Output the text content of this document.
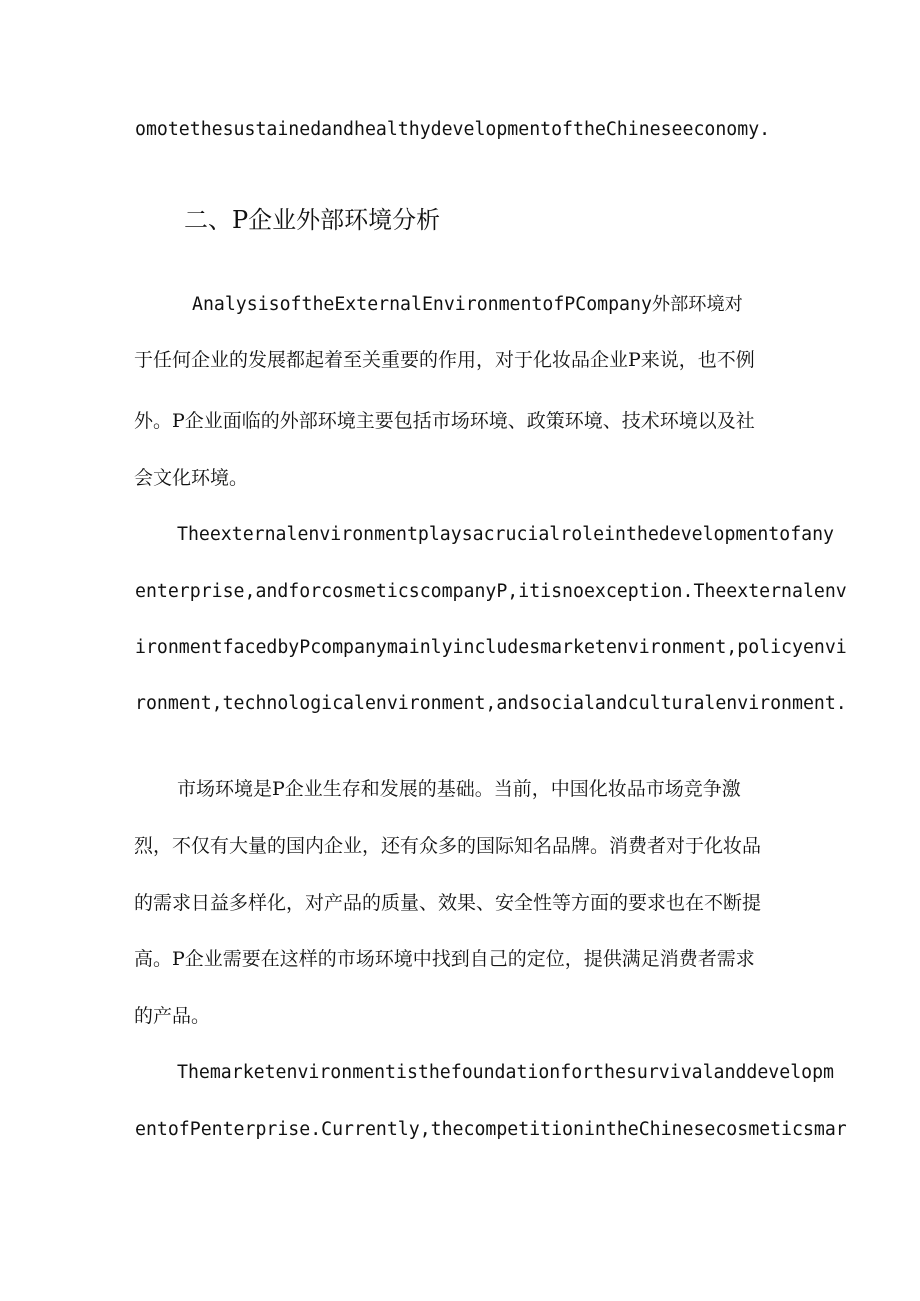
omotethesustainedandhealthydevelopmentoftheChineseeconomy.
二、P企业外部环境分析
AnalysisoftheExternalEnvironmentofPCompany外部环境对
于任何企业的发展都起着至关重要的作用，对于化妆品企业P来说，也不例
外。P企业面临的外部环境主要包括市场环境、政策环境、技术环境以及社
会文化环境。
Theexternalenvironmentplaysacrucialroleinthedevelopmentofany
enterprise,andforcosmeticscompanyP,itisnoexception.Theexternalenv
ironmentfacedbyPcompanymainlyincludesmarketenvironment,policyenvi
ronment,technologicalenvironment,andsocialandculturalenvironment.
市场环境是P企业生存和发展的基础。当前，中国化妆品市场竞争激
烈，不仅有大量的国内企业，还有众多的国际知名品牌。消费者对于化妆品
的需求日益多样化，对产品的质量、效果、安全性等方面的要求也在不断提
高。P企业需要在这样的市场环境中找到自己的定位，提供满足消费者需求
的产品。
Themarketenvironmentisthefoundationforthesurvivalanddevelopm
entofPenterprise.Currently,thecompetitionintheChinesecosmeticsmar
